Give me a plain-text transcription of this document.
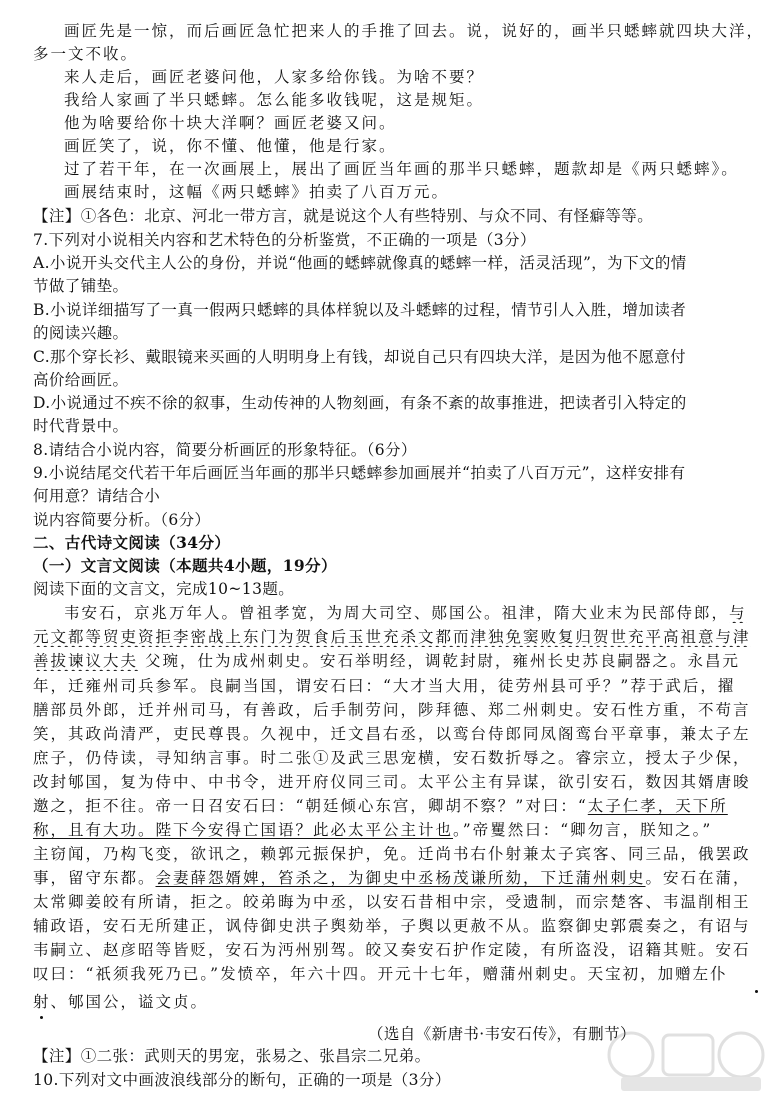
画匠先是一惊，而后画匠急忙把来人的手推了回去。说，说好的，画半只蟋蟀就四块大洋，
多一文不收。
来人走后，画匠老婆问他，人家多给你钱。为啥不要？
我给人家画了半只蟋蟀。怎么能多收钱呢，这是规矩。
他为啥要给你十块大洋啊？画匠老婆又问。
画匠笑了，说，你不懂、他懂，他是行家。
过了若干年，在一次画展上，展出了画匠当年画的那半只蟋蟀，题款却是《两只蟋蟀》。
画展结束时，这幅《两只蟋蟀》拍卖了八百万元。
【注】①各色：北京、河北一带方言，就是说这个人有些特别、与众不同、有怪癖等等。
7.下列对小说相关内容和艺术特色的分析鉴赏，不正确的一项是（3分）
A.小说开头交代主人公的身份，并说“他画的蟋蟀就像真的蟋蟀一样，活灵活现”，为下文的情
节做了铺垫。
B.小说详细描写了一真一假两只蟋蟀的具体样貌以及斗蟋蟀的过程，情节引人入胜，增加读者
的阅读兴趣。
C.那个穿长衫、戴眼镜来买画的人明明身上有钱，却说自己只有四块大洋，是因为他不愿意付
高价给画匠。
D.小说通过不疾不徐的叙事，生动传神的人物刻画，有条不紊的故事推进，把读者引入特定的
时代背景中。
8.请结合小说内容，简要分析画匠的形象特征。（6分）
9.小说结尾交代若干年后画匠当年画的那半只蟋蟀参加画展并“拍卖了八百万元”，这样安排有
何用意？请结合小
说内容简要分析。（6分）
二、古代诗文阅读（34分）
（一）文言文阅读（本题共4小题，19分）
阅读下面的文言文，完成10~13题。
韦安石，京兆万年人。曾祖孝宽，为周大司空、郧国公。祖津，隋大业末为民部侍郎，与
元文都等贸吏资拒李密战上东门为贺食后玉世充杀文都而津独免窦败复归贺世充平高祖意与津
善拔谏议大夫 父琬，仕为成州刺史。安石举明经，调乾封尉，雍州长史苏良嗣器之。永昌元
年，迁雍州司兵参军。良嗣当国，谓安石曰：“大才当大用，徒劳州县可乎？”荐于武后，擢
膳部员外郎，迁并州司马，有善政，后手制劳问，陟拜德、郑二州刺史。安石性方重，不苟言
笑，其政尚清严，吏民尊畏。久视中，迁文昌右丞，以鸾台侍郎同凤阁鸾台平章事，兼太子左
庶子，仍侍读，寻知纳言事。时二张①及武三思宠横，安石数折辱之。睿宗立，授太子少保，
改封郇国，复为侍中、中书令，进开府仪同三司。太平公主有异谋，欲引安石，数因其婿唐晙
邀之，拒不往。帝一日召安石曰：“朝廷倾心东宫，卿胡不察？”对曰：“太子仁孝，天下所
称，且有大功。陛下今安得亡国语？此必太平公主计也。”帝矍然曰：“卿勿言，朕知之。”
主窃闻，乃构飞变，欲讯之，赖郭元振保护，免。迁尚书右仆射兼太子宾客、同三品，俄罢政
事，留守东都。会妻薛怨婿婢，笞杀之，为御史中丞杨茂谦所劾，下迁蒲州刺史。安石在蒲，
太常卿姜皎有所请，拒之。皎弟晦为中丞，以安石昔相中宗，受遗制，而宗楚客、韦温削相王
辅政语，安石无所建正，讽侍御史洪子舆劾举，子舆以更赦不从。监察御史郭震奏之，有诏与
韦嗣立、赵彦昭等皆贬，安石为沔州别驾。皎又奏安石护作定陵，有所盗没，诏籍其赃。安石
叹曰：“祇须我死乃已。”发愤卒，年六十四。开元十七年，赠蒲州刺史。天宝初，加赠左仆
射、郇国公，谥文贞。
（选自《新唐书·韦安石传》，有删节）
【注】①二张：武则天的男宠，张易之、张昌宗二兄弟。
10.下列对文中画波浪线部分的断句，正确的一项是（3分）
